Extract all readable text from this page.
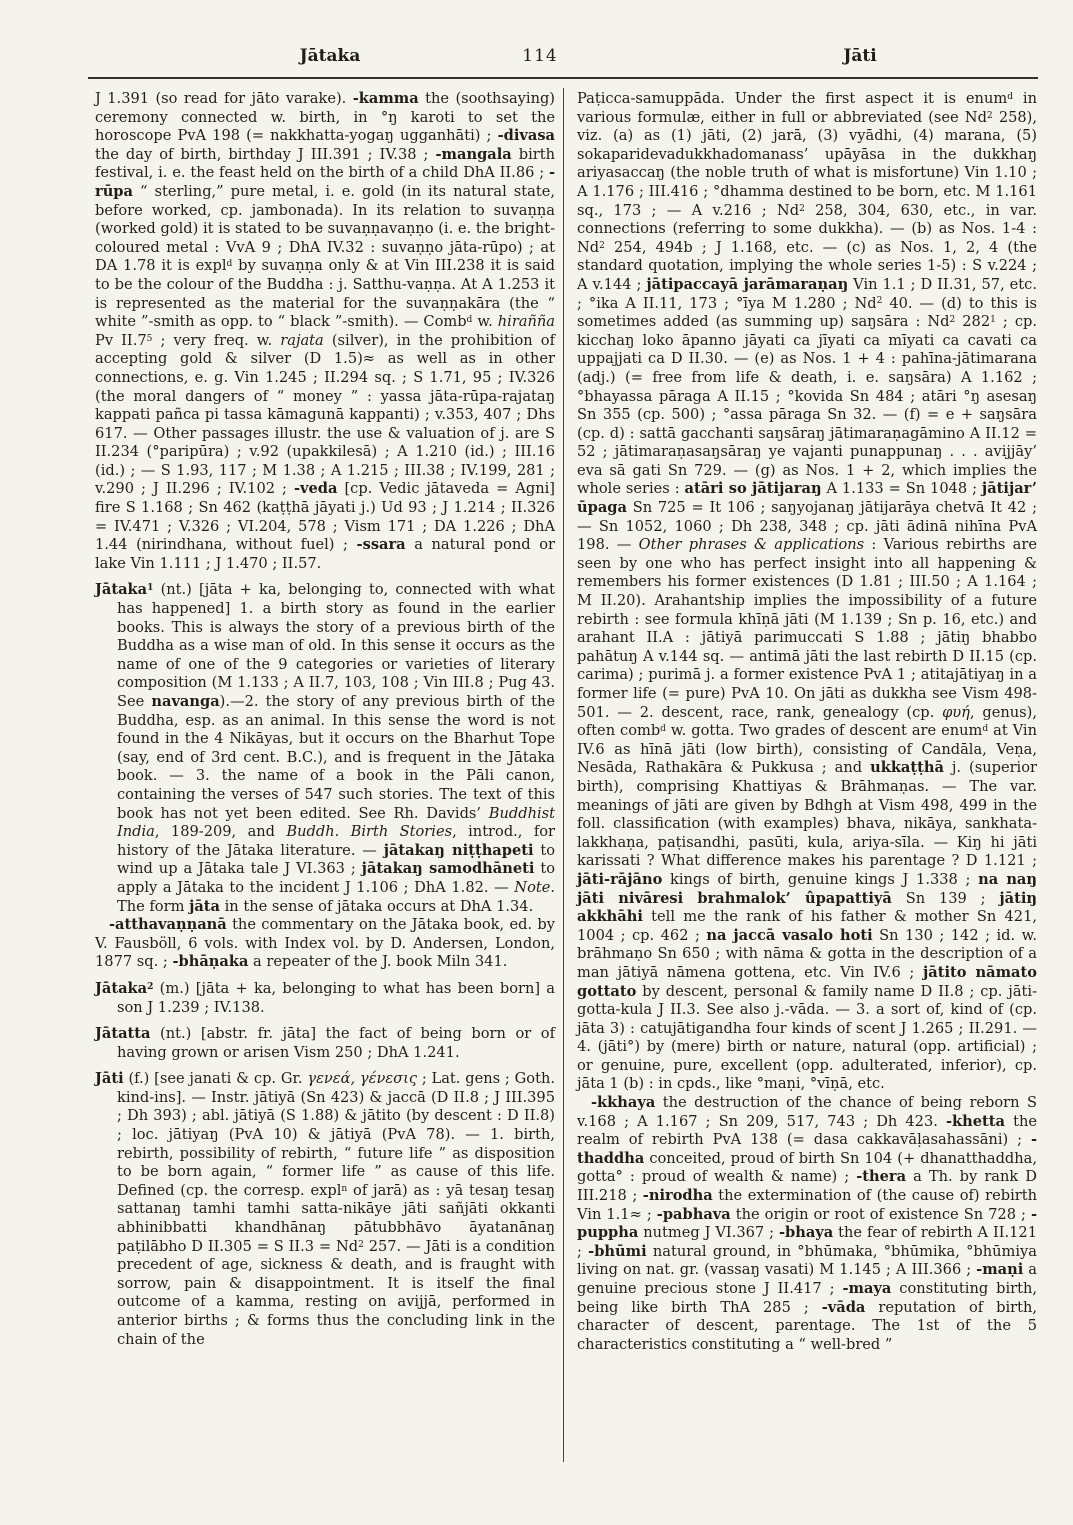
Jātaka	114	Jāti

J 1.391 (so read for jāto varake). -kamma the (soothsaying) ceremony connected w. birth, in °ŋ karoti to set the horoscope PvA 198 (= nakkhatta-yogaŋ ugganhāti) ; -divasa the day of birth, birthday J III.391 ; IV.38 ; -mangala birth festival, i. e. the feast held on the birth of a child DhA II.86 ; -rūpa “ sterling,” pure metal, i. e. gold (in its natural state, before worked, cp. jambonada). In its relation to suvaṇṇa (worked gold) it is stated to be suvaṇṇavaṇṇo (i. e. the bright-coloured metal : VvA 9 ; DhA IV.32 : suvaṇṇo jāta-rūpo) ; at DA 1.78 it is expl$^d$ by suvaṇṇa only & at Vin III.238 it is said to be the colour of the Buddha : j. Satthu-vaṇṇa. At A 1.253 it is represented as the material for the suvaṇṇakāra (the “ white ”-smith as opp. to “ black ”-smith). — Comb$^d$ w. hirañña Pv $II.7^5$ ; very freq. w. rajata (silver), in the prohibition of accepting gold & silver (D 1.5)≈ as well as in other connections, e. g. Vin 1.245 ; II.294 sq. ; S 1.71, 95 ; IV.326 (the moral dangers of “ money ” : yassa jāta-rūpa-rajataŋ kappati pañca pi tassa kāmagunā kappanti) ; v.353, 407 ; Dhs 617. — Other passages illustr. the use & valuation of j. are S II.234 (°paripūra) ; v.92 (upakkilesā) ; A 1.210 (id.) ; III.16 (id.) ; — S 1.93, 117 ; M 1.38 ; A 1.215 ; III.38 ; IV.199, 281 ; v.290 ; J II.296 ; IV.102 ; -veda [cp. Vedic jātaveda = Agni] fire S 1.168 ; Sn 462 (kaṭṭhā jāyati j.) Ud 93 ; J 1.214 ; II.326 = IV.471 ; V.326 ; VI.204, 578 ; Vism 171 ; DA 1.226 ; DhA 1.44 (nirindhana, without fuel) ; -ssara a natural pond or lake Vin 1.111 ; J 1.470 ; II.57.

Jātaka$^1$ (nt.) [jāta + ka, belonging to, connected with what has happened] 1. a birth story as found in the earlier books. This is always the story of a previous birth of the Buddha as a wise man of old. In this sense it occurs as the name of one of the 9 categories or varieties of literary composition (M 1.133 ; A II.7, 103, 108 ; Vin III.8 ; Pug 43. See navanga).—2. the story of any previous birth of the Buddha, esp. as an animal. In this sense the word is not found in the 4 Nikāyas, but it occurs on the Bharhut Tope (say, end of 3rd cent. B.C.), and is frequent in the Jātaka book. — 3. the name of a book in the Pāli canon, containing the verses of 547 such stories. The text of this book has not yet been edited. See Rh. Davids’ Buddhist India, 189-209, and Buddh. Birth Stories, introd., for history of the Jātaka literature. — jātakaŋ niṭṭhapeti to wind up a Jātaka tale J VI.363 ; jātakaŋ samodhāneti to apply a Jātaka to the incident J 1.106 ; DhA 1.82. — Note. The form jāta in the sense of jātaka occurs at DhA 1.34.

-atthavaṇṇanā the commentary on the Jātaka book, ed. by V. Fausböll, 6 vols. with Index vol. by D. Andersen, London, 1877 sq. ; -bhāṇaka a repeater of the J. book Miln 341.

Jātaka$^2$ (m.) [jāta + ka, belonging to what has been born] a son J 1.239 ; IV.138.

Jātatta (nt.) [abstr. fr. jāta] the fact of being born or of having grown or arisen Vism 250 ; DhA 1.241.

Jāti (f.) [see janati & cp. Gr. γενεά, γένεσις ; Lat. gens ; Goth. kind-ins]. — Instr. jātiyā (Sn 423) & jaccā (D II.8 ; J III.395 ; Dh 393) ; abl. jātiyā (S 1.88) & jātito (by descent : D II.8) ; loc. jātiyaŋ (PvA 10) & jātiyā (PvA 78). — 1. birth, rebirth, possibility of rebirth, “ future life ” as disposition to be born again, “ former life ” as cause of this life. Defined (cp. the corresp. expl$^n$ of jarā) as : yā tesaŋ tesaŋ sattanaŋ tamhi tamhi satta-nikāye jāti sañjāti okkanti abhinibbatti khandhānaŋ pātubbhāvo āyatanānaŋ paṭilābho D II.305 = S $II.3 = Nd^2$ 257. — Jāti is a condition precedent of age, sickness & death, and is fraught with sorrow, pain & disappointment. It is itself the final outcome of a kamma, resting on avijjā, performed in anterior births ; & forms thus the concluding link in the chain of the

Paṭicca-samuppāda. Under the first aspect it is enum$^d$ in various formulæ, either in full or abbreviated (see Nd$^2$ 258), viz. (a) as (1) jāti, (2) jarā, (3) vyādhi, (4) marana, (5) sokaparidevadukkhadomanass’ upāyāsa in the dukkhaŋ ariyasaccaŋ (the noble truth of what is misfortune) Vin 1.10 ; A 1.176 ; III.416 ; °dhamma destined to be born, etc. M 1.161 sq., 173 ; — A v.216 ; Nd$^2$ 258, 304, 630, etc., in var. connections (referring to some dukkha). — (b) as Nos. 1-4 : Nd$^2$ 254, 494b ; J 1.168, etc. — (c) as Nos. 1, 2, 4 (the standard quotation, implying the whole series 1-5) : S v.224 ; A v.144 ; jātipaccayā jarāmaraṇaŋ Vin 1.1 ; D II.31, 57, etc. ; °ika A II.11, 173 ; °īya M 1.280 ; Nd$^2$ 40. — (d) to this is sometimes added (as summing up) saŋsāra : Nd$^2$ $282^1$ ; cp. kicchaŋ loko āpanno jāyati ca jīyati ca mīyati ca cavati ca uppajjati ca D II.30. — (e) as Nos. 1 + 4 : pahīna-jātimarana (adj.) (= free from life & death, i. e. saŋsāra) A 1.162 ; °bhayassa pāraga A II.15 ; °kovida Sn 484 ; atāri °ŋ asesaŋ Sn 355 (cp. 500) ; °assa pāraga Sn 32. — (f) = e + saŋsāra (cp. d) : sattā gacchanti saŋsāraŋ jātimaraṇagāmino A II.12 = 52 ; jātimaraṇasaŋsāraŋ ye vajanti punappunaŋ . . . avijjāy’ eva sā gati Sn 729. — (g) as Nos. 1 + 2, which implies the whole series : atāri so jātijaraŋ A 1.133 = Sn 1048 ; jātijar’ ūpaga Sn 725 = It 106 ; saŋyojanaŋ jātijarāya chetvā It 42 ; — Sn 1052, 1060 ; Dh 238, 348 ; cp. jāti ādinā nihīna PvA 198. — Other phrases & applications : Various rebirths are seen by one who has perfect insight into all happening & remembers his former existences (D 1.81 ; III.50 ; A 1.164 ; M II.20). Arahantship implies the impossibility of a future rebirth : see formula khīṇā jāti (M 1.139 ; Sn p. 16, etc.) and arahant II.A : jātiyā parimuccati S 1.88 ; jātiŋ bhabbo pahātuŋ A v.144 sq. — antimā jāti the last rebirth D II.15 (cp. carima) ; purimā j. a former existence PvA 1 ; atitajātiyaŋ in a former life (= pure) PvA 10. On jāti as dukkha see Vism 498-501. — 2. descent, race, rank, genealogy (cp. φυή, genus), often comb$^d$ w. gotta. Two grades of descent are enum$^d$ at Vin IV.6 as hīnā jāti (low birth), consisting of Candāla, Veṇa, Nesāda, Rathakāra & Pukkusa ; and ukkaṭṭhā j. (superior birth), comprising Khattiyas & Brāhmaṇas. — The var. meanings of jāti are given by Bdhgh at Vism 498, 499 in the foll. classification (with examples) bhava, nikāya, sankhata-lakkhaṇa, paṭisandhi, pasūti, kula, ariya-sīla. — Kiŋ hi jāti karissati ? What difference makes his parentage ? D 1.121 ; jāti-rājāno kings of birth, genuine kings J 1.338 ; na naŋ jāti nivāresi brahmalok’ ûpapattiyā Sn 139 ; jātiŋ akkhāhi tell me the rank of his father & mother Sn 421, 1004 ; cp. 462 ; na jaccā vasalo hoti Sn 130 ; 142 ; id. w. brāhmaṇo Sn 650 ; with nāma & gotta in the description of a man jātiyā nāmena gottena, etc. Vin IV.6 ; jātito nāmato gottato by descent, personal & family name D II.8 ; cp. jāti-gotta-kula J II.3. See also j.-vāda. — 3. a sort of, kind of (cp. jāta 3) : catujātigandha four kinds of scent J 1.265 ; II.291. — 4. (jāti°) by (mere) birth or nature, natural (opp. artificial) ; or genuine, pure, excellent (opp. adulterated, inferior), cp. jāta 1 (b) : in cpds., like °maṇi, °vīṇā, etc.

-kkhaya the destruction of the chance of being reborn S v.168 ; A 1.167 ; Sn 209, 517, 743 ; Dh 423. -khetta the realm of rebirth PvA 138 (= dasa cakkavāḷasahassāni) ; -thaddha conceited, proud of birth Sn 104 (+ dhanatthaddha, gotta° : proud of wealth & name) ; -thera a Th. by rank D III.218 ; -nirodha the extermination of (the cause of) rebirth Vin 1.1≈ ; -pabhava the origin or root of existence Sn 728 ; -puppha nutmeg J VI.367 ; -bhaya the fear of rebirth A II.121 ; -bhūmi natural ground, in °bhūmaka, °bhūmika, °bhūmiya living on nat. gr. (vassaŋ vasati) M 1.145 ; A III.366 ; -maṇi a genuine precious stone J II.417 ; -maya constituting birth, being like birth ThA 285 ; -vāda reputation of birth, character of descent, parentage. The 1st of the 5 characteristics constituting a “ well-bred ”
